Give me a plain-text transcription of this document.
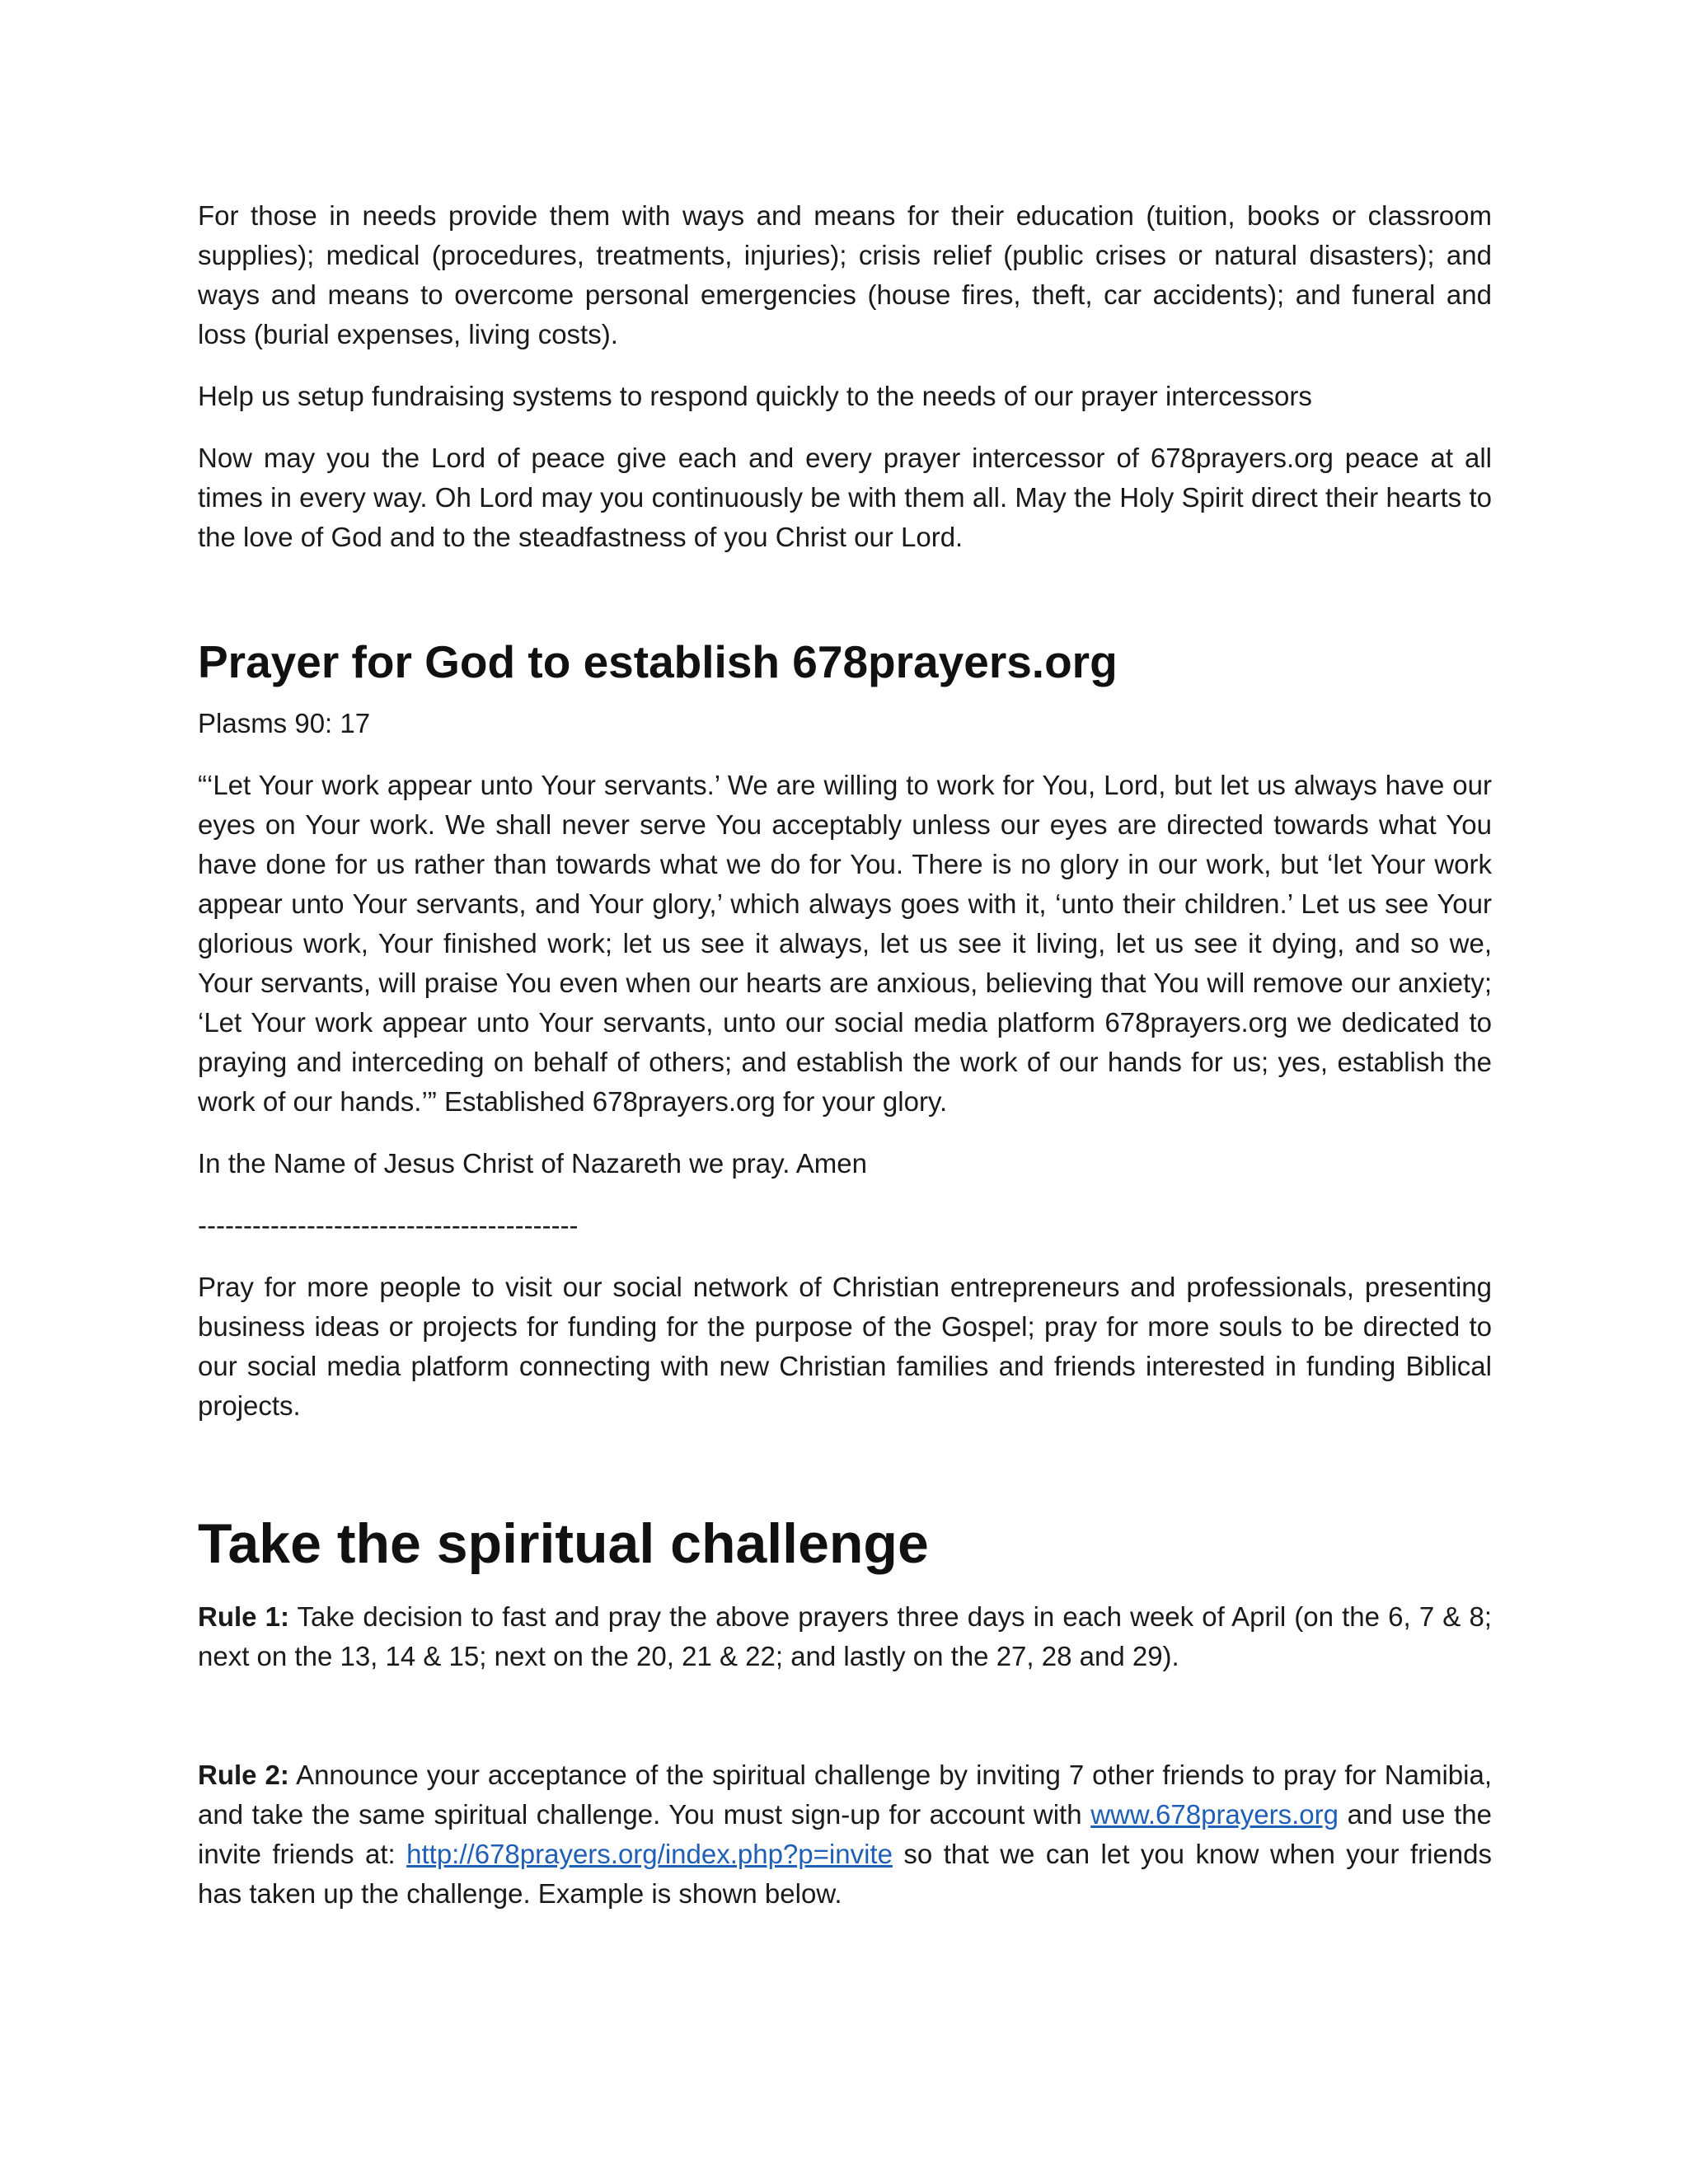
For those in needs provide them with ways and means for their education (tuition, books or classroom supplies); medical (procedures, treatments, injuries); crisis relief (public crises or natural disasters); and ways and means to overcome personal emergencies (house fires, theft, car accidents); and funeral and loss (burial expenses, living costs).

Help us setup fundraising systems to respond quickly to the needs of our prayer intercessors

Now may you the Lord of peace give each and every prayer intercessor of 678prayers.org peace at all times in every way. Oh Lord may you continuously be with them all. May the Holy Spirit direct their hearts to the love of God and to the steadfastness of you Christ our Lord.

Prayer for God to establish 678prayers.org

Plasms 90: 17

“‘Let Your work appear unto Your servants.’ We are willing to work for You, Lord, but let us always have our eyes on Your work. We shall never serve You acceptably unless our eyes are directed towards what You have done for us rather than towards what we do for You. There is no glory in our work, but ‘let Your work appear unto Your servants, and Your glory,’ which always goes with it, ‘unto their children.’ Let us see Your glorious work, Your finished work; let us see it always, let us see it living, let us see it dying, and so we, Your servants, will praise You even when our hearts are anxious, believing that You will remove our anxiety; ‘Let Your work appear unto Your servants, unto our social media platform 678prayers.org we dedicated to praying and interceding on behalf of others; and establish the work of our hands for us; yes, establish the work of our hands.’” Established 678prayers.org for your glory.

In the Name of Jesus Christ of Nazareth we pray. Amen

------------------------------------------

Pray for more people to visit our social network of Christian entrepreneurs and professionals, presenting business ideas or projects for funding for the purpose of the Gospel; pray for more souls to be directed to our social media platform connecting with new Christian families and friends interested in funding Biblical projects.

Take the spiritual challenge

Rule 1: Take decision to fast and pray the above prayers three days in each week of April (on the 6, 7 & 8; next on the 13, 14 & 15; next on the 20, 21 & 22; and lastly on the 27, 28 and 29).

Rule 2: Announce your acceptance of the spiritual challenge by inviting 7 other friends to pray for Namibia, and take the same spiritual challenge. You must sign-up for account with www.678prayers.org and use the invite friends at: http://678prayers.org/index.php?p=invite so that we can let you know when your friends has taken up the challenge. Example is shown below.
